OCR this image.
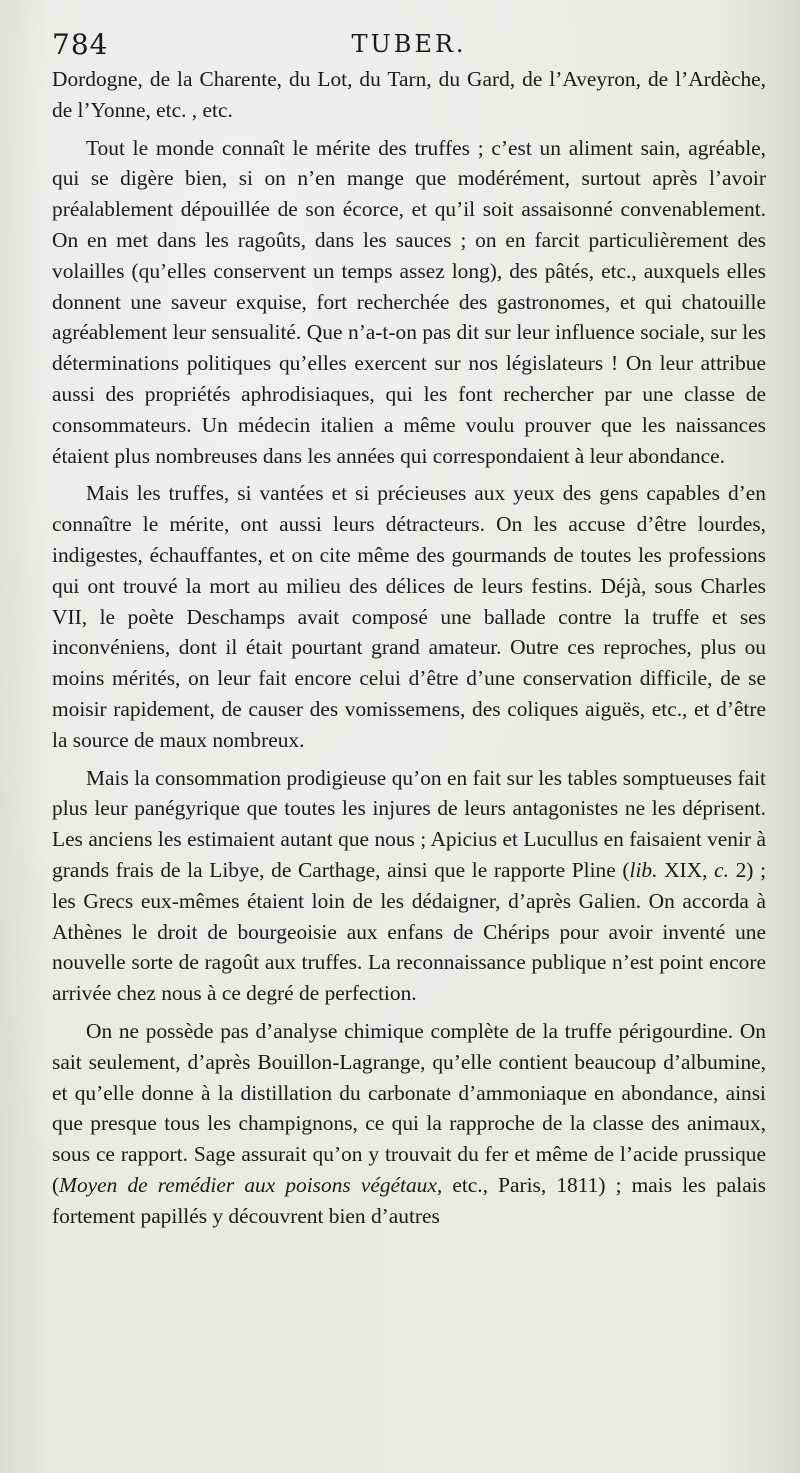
784	TUBER.

Dordogne, de la Charente, du Lot, du Tarn, du Gard, de l’Aveyron, de l’Ardèche, de l’Yonne, etc. , etc.

Tout le monde connaît le mérite des truffes ; c’est un aliment sain, agréable, qui se digère bien, si on n’en mange que modérément, surtout après l’avoir préalablement dépouillée de son écorce, et qu’il soit assaisonné convenablement. On en met dans les ragoûts, dans les sauces ; on en farcit particulièrement des volailles (qu’elles conservent un temps assez long), des pâtés, etc., auxquels elles donnent une saveur exquise, fort recherchée des gastronomes, et qui chatouille agréablement leur sensualité. Que n’a-t-on pas dit sur leur influence sociale, sur les déterminations politiques qu’elles exercent sur nos législateurs ! On leur attribue aussi des propriétés aphrodisiaques, qui les font rechercher par une classe de consommateurs. Un médecin italien a même voulu prouver que les naissances étaient plus nombreuses dans les années qui correspondaient à leur abondance.

Mais les truffes, si vantées et si précieuses aux yeux des gens capables d’en connaître le mérite, ont aussi leurs détracteurs. On les accuse d’être lourdes, indigestes, échauffantes, et on cite même des gourmands de toutes les professions qui ont trouvé la mort au milieu des délices de leurs festins. Déjà, sous Charles VII, le poète Deschamps avait composé une ballade contre la truffe et ses inconvéniens, dont il était pourtant grand amateur. Outre ces reproches, plus ou moins mérités, on leur fait encore celui d’être d’une conservation difficile, de se moisir rapidement, de causer des vomissemens, des coliques aiguës, etc., et d’être la source de maux nombreux.

Mais la consommation prodigieuse qu’on en fait sur les tables somptueuses fait plus leur panégyrique que toutes les injures de leurs antagonistes ne les déprisent. Les anciens les estimaient autant que nous ; Apicius et Lucullus en faisaient venir à grands frais de la Libye, de Carthage, ainsi que le rapporte Pline (lib. XIX, c. 2) ; les Grecs eux-mêmes étaient loin de les dédaigner, d’après Galien. On accorda à Athènes le droit de bourgeoisie aux enfans de Chérips pour avoir inventé une nouvelle sorte de ragoût aux truffes. La reconnaissance publique n’est point encore arrivée chez nous à ce degré de perfection.

On ne possède pas d’analyse chimique complète de la truffe périgourdine. On sait seulement, d’après Bouillon-Lagrange, qu’elle contient beaucoup d’albumine, et qu’elle donne à la distillation du carbonate d’ammoniaque en abondance, ainsi que presque tous les champignons, ce qui la rapproche de la classe des animaux, sous ce rapport. Sage assurait qu’on y trouvait du fer et même de l’acide prussique (Moyen de remédier aux poisons végétaux, etc., Paris, 1811) ; mais les palais fortement papillés y découvrent bien d’autres
